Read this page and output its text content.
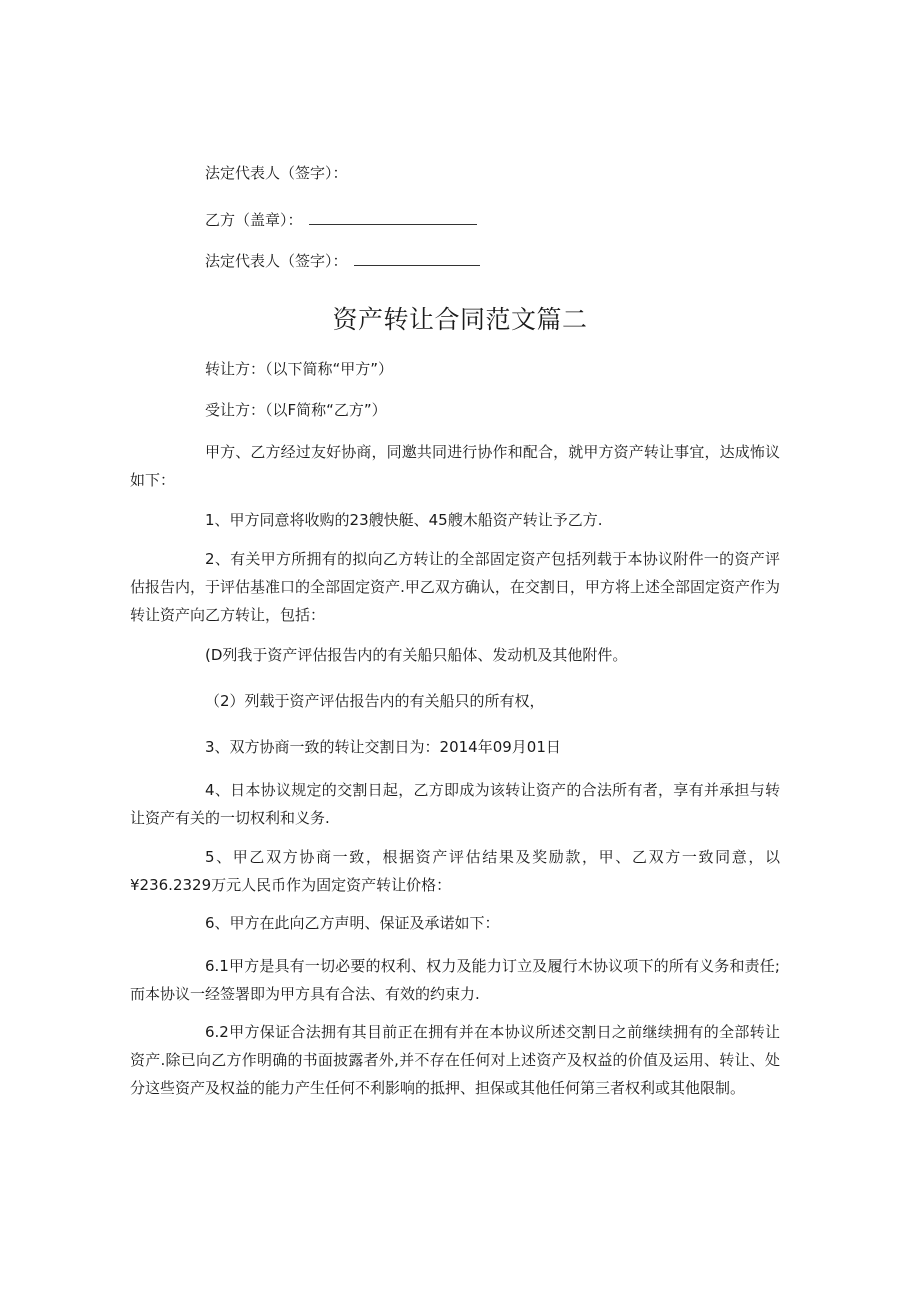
法定代表人（签字）：
乙方（盖章）：
法定代表人（签字）：
资产转让合同范文篇二
转让方：（以下简称“甲方”）
受让方：（以F简称“乙方”）

甲方、乙方经过友好协商，同邀共同进行协作和配合，就甲方资产转让事宜，达成怖议如下：

1、甲方同意将收购的23艘快艇、45艘木船资产转让予乙方.

2、有关甲方所拥有的拟向乙方转让的全部固定资产包括列载于本协议附件一的资产评估报告内，于评估基准口的全部固定资产.甲乙双方确认，在交割日，甲方将上述全部固定资产作为转让资产向乙方转让，包括：

(D列我于资产评估报告内的有关船只船体、发动机及其他附件。

（2）列载于资产评估报告内的有关船只的所有权，

3、双方协商一致的转让交割日为：2014年09月01日

4、日本协议规定的交割日起，乙方即成为该转让资产的合法所有者，享有并承担与转让资产有关的一切权利和义务.

5、甲乙双方协商一致，根据资产评估结果及奖励款，甲、乙双方一致同意，以¥236.2329万元人民币作为固定资产转让价格：

6、甲方在此向乙方声明、保证及承诺如下：

6.1甲方是具有一切必要的权利、权力及能力订立及履行木协议项下的所有义务和责任;而本协议一经签署即为甲方具有合法、有效的约束力.

6.2甲方保证合法拥有其目前正在拥有并在本协议所述交割日之前继续拥有的全部转让资产.除已向乙方作明确的书面披露者外,并不存在任何对上述资产及权益的价值及运用、转让、处分这些资产及权益的能力产生任何不利影响的抵押、担保或其他任何第三者权利或其他限制。
